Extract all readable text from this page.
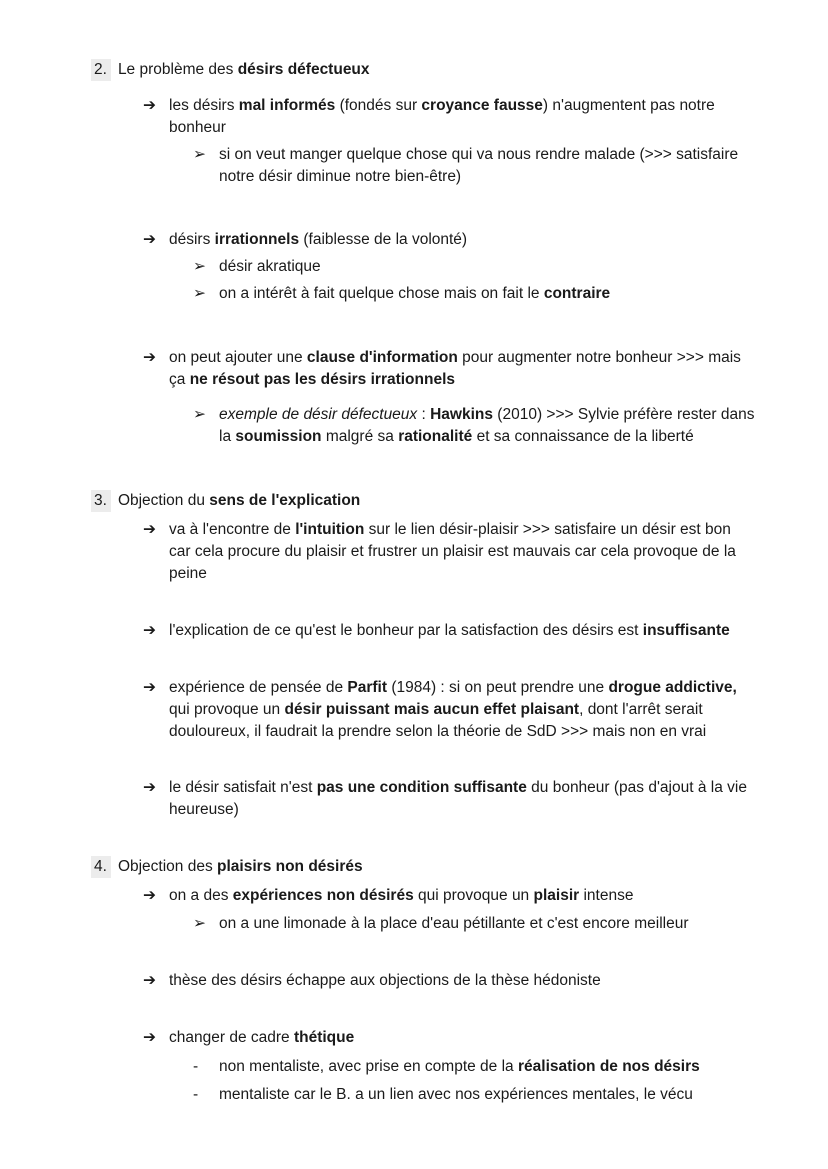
2. Le problème des désirs défectueux
➔ les désirs mal informés (fondés sur croyance fausse) n'augmentent pas notre
bonheur
➢ si on veut manger quelque chose qui va nous rendre malade (>>> satisfaire
notre désir diminue notre bien-être)
➔ désirs irrationnels (faiblesse de la volonté)
➢ désir akratique
➢ on a intérêt à fait quelque chose mais on fait le contraire
➔ on peut ajouter une clause d'information pour augmenter notre bonheur >>> mais
ça ne résout pas les désirs irrationnels
➢ exemple de désir défectueux : Hawkins (2010) >>> Sylvie préfère rester dans
la soumission malgré sa rationalité et sa connaissance de la liberté
3. Objection du sens de l'explication
➔ va à l'encontre de l'intuition sur le lien désir-plaisir >>> satisfaire un désir est bon
car cela procure du plaisir et frustrer un plaisir est mauvais car cela provoque de la
peine
➔ l'explication de ce qu'est le bonheur par la satisfaction des désirs est insuffisante
➔ expérience de pensée de Parfit (1984) : si on peut prendre une drogue addictive,
qui provoque un désir puissant mais aucun effet plaisant, dont l'arrêt serait
douloureux, il faudrait la prendre selon la théorie de SdD >>> mais non en vrai
➔ le désir satisfait n'est pas une condition suffisante du bonheur (pas d'ajout à la vie
heureuse)
4. Objection des plaisirs non désirés
➔ on a des expériences non désirés qui provoque un plaisir intense
➢ on a une limonade à la place d'eau pétillante et c'est encore meilleur
➔ thèse des désirs échappe aux objections de la thèse hédoniste
➔ changer de cadre thétique
- non mentaliste, avec prise en compte de la réalisation de nos désirs
- mentaliste car le B. a un lien avec nos expériences mentales, le vécu
